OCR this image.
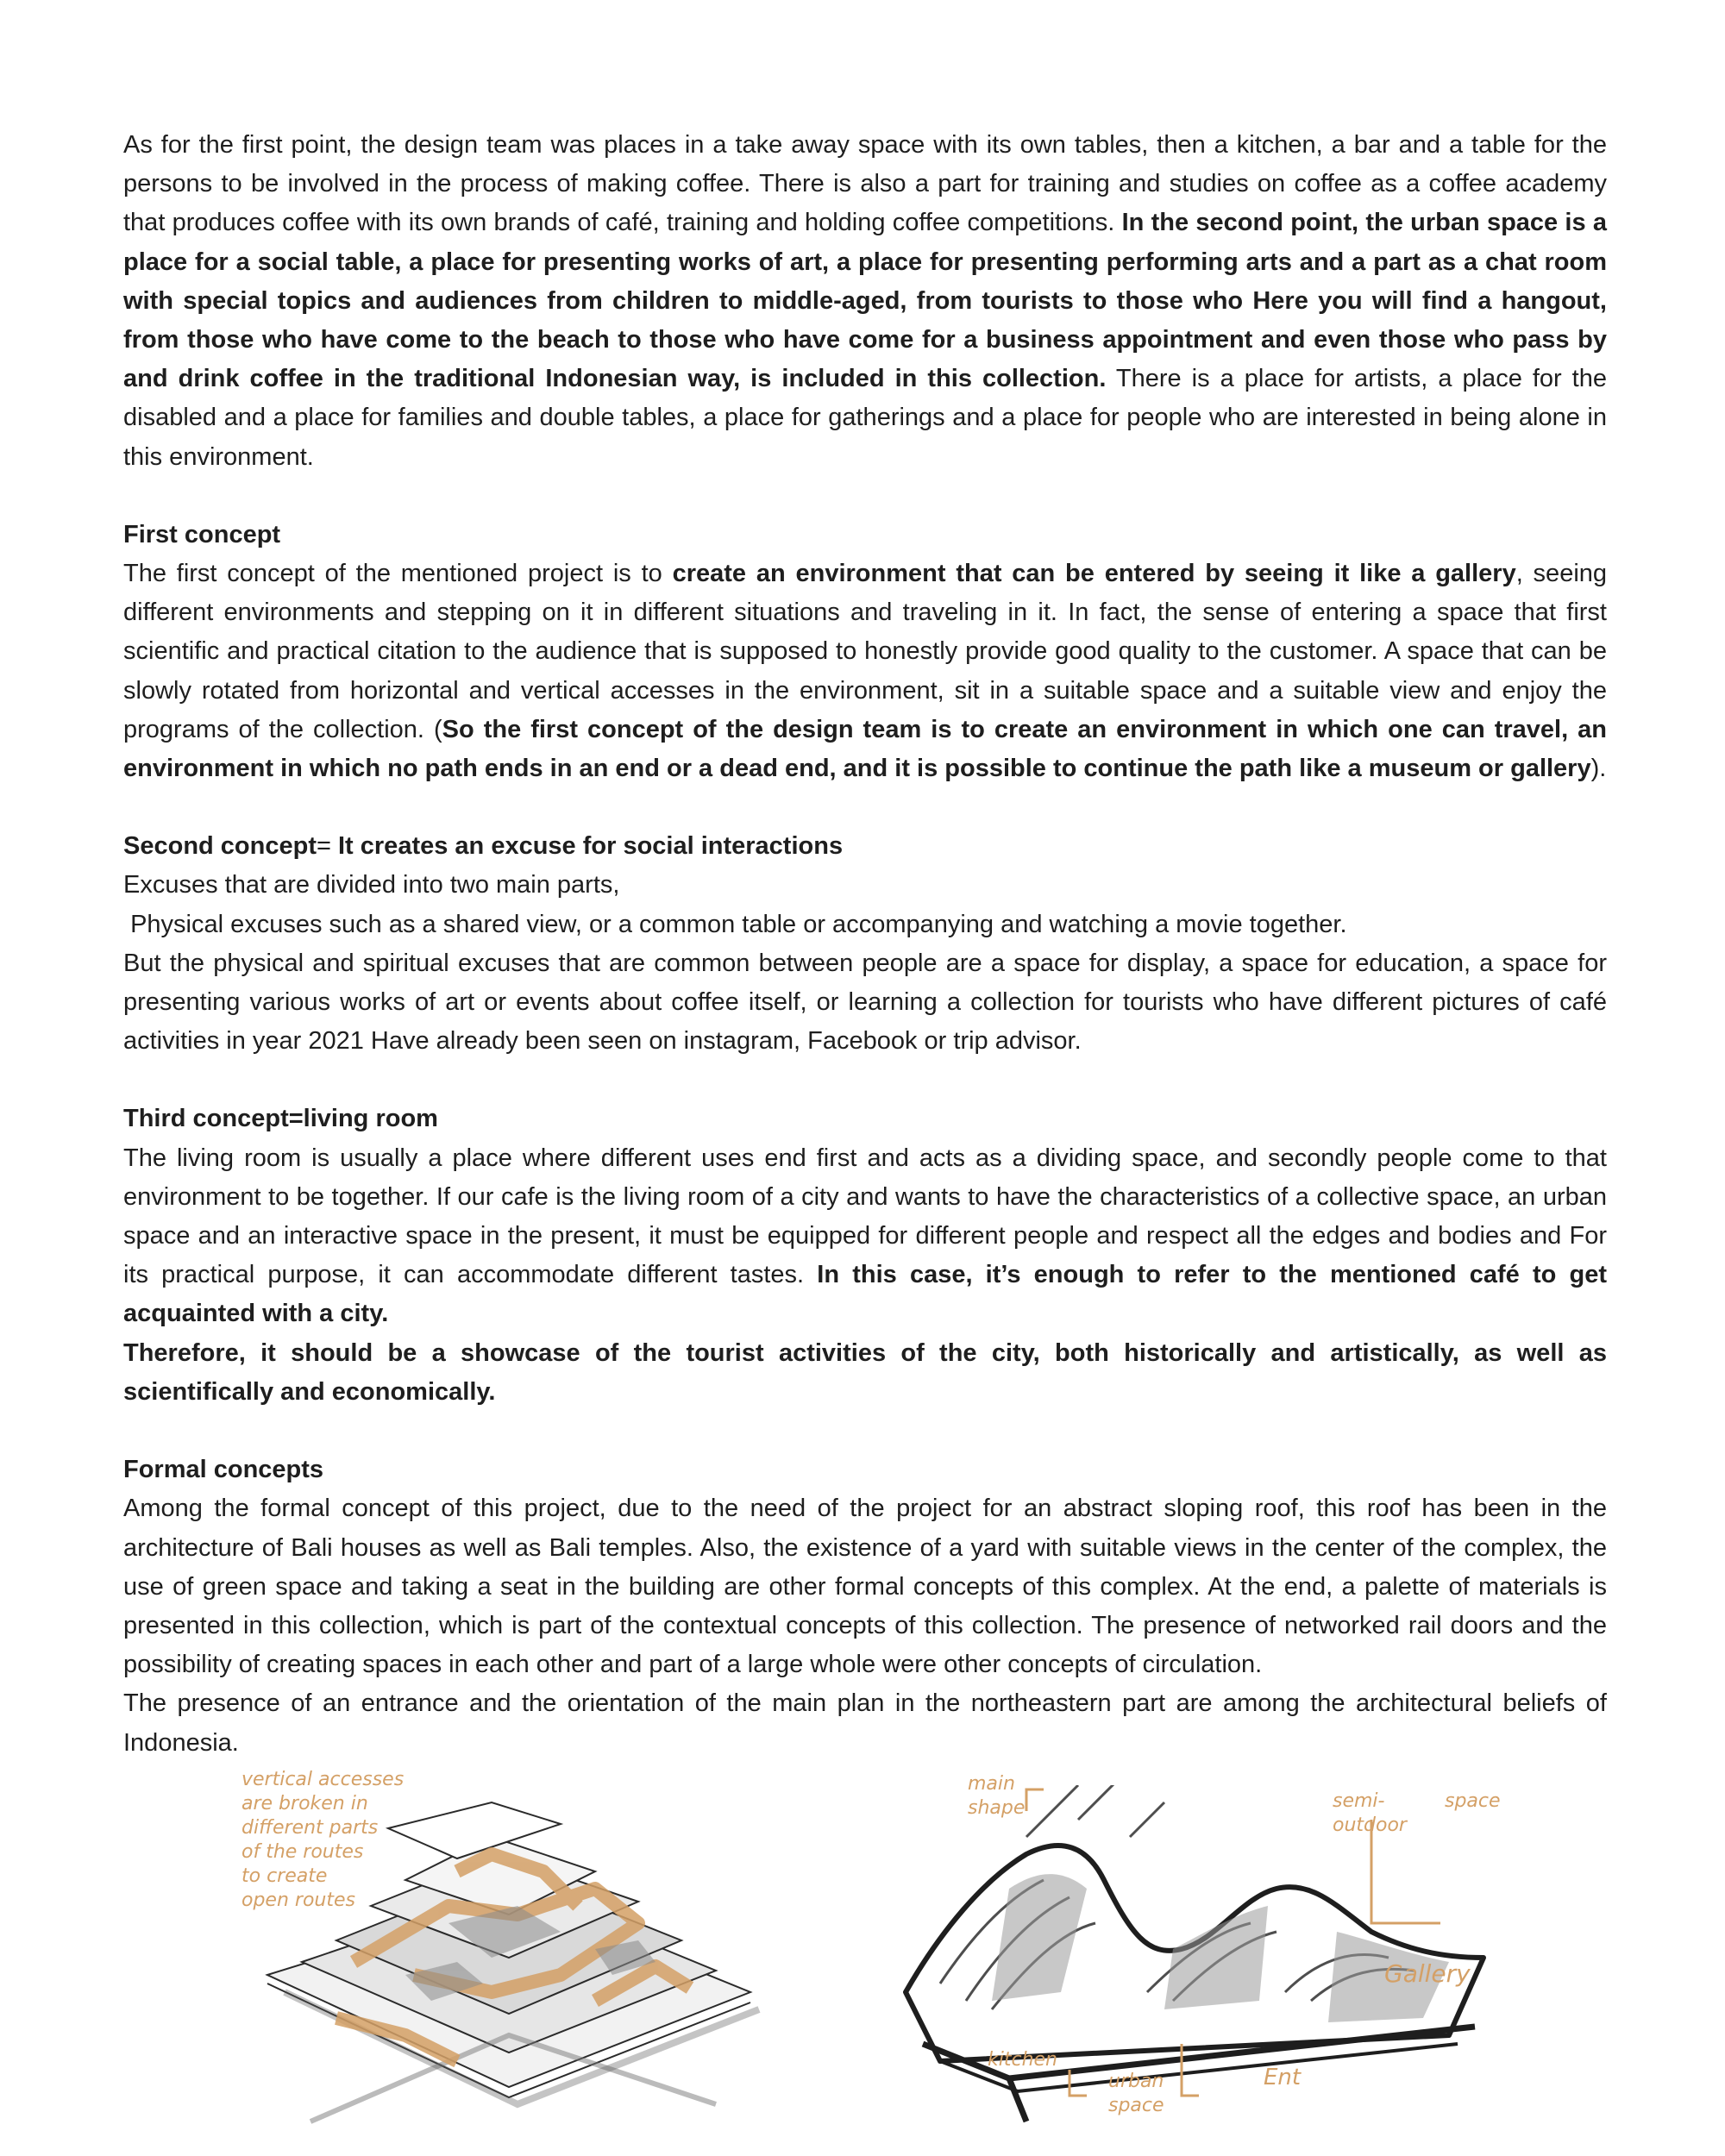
As for the first point, the design team was places in a take away space with its own tables, then a kitchen, a bar and a table for the persons to be involved in the process of making coffee. There is also a part for training and studies on coffee as a coffee academy that produces coffee with its own brands of café, training and holding coffee competitions. In the second point, the urban space is a place for a social table, a place for presenting works of art, a place for presenting performing arts and a part as a chat room with special topics and audiences from children to middle-aged, from tourists to those who Here you will find a hangout, from those who have come to the beach to those who have come for a business appointment and even those who pass by and drink coffee in the traditional Indonesian way, is included in this collection. There is a place for artists, a place for the disabled and a place for families and double tables, a place for gatherings and a place for people who are interested in being alone in this environment.

First concept

The first concept of the mentioned project is to create an environment that can be entered by seeing it like a gallery, seeing different environments and stepping on it in different situations and traveling in it. In fact, the sense of entering a space that first scientific and practical citation to the audience that is supposed to honestly provide good quality to the customer. A space that can be slowly rotated from horizontal and vertical accesses in the environment, sit in a suitable space and a suitable view and enjoy the programs of the collection. (So the first concept of the design team is to create an environment in which one can travel, an environment in which no path ends in an end or a dead end, and it is possible to continue the path like a museum or gallery).

Second concept= It creates an excuse for social interactions

Excuses that are divided into two main parts,

Physical excuses such as a shared view, or a common table or accompanying and watching a movie together.

But the physical and spiritual excuses that are common between people are a space for display, a space for education, a space for presenting various works of art or events about coffee itself, or learning a collection for tourists who have different pictures of café activities in year 2021 Have already been seen on instagram, Facebook or trip advisor.

Third concept=living room

The living room is usually a place where different uses end first and acts as a dividing space, and secondly people come to that environment to be together. If our cafe is the living room of a city and wants to have the characteristics of a collective space, an urban space and an interactive space in the present, it must be equipped for different people and respect all the edges and bodies and For its practical purpose, it can accommodate different tastes. In this case, it’s enough to refer to the mentioned café to get acquainted with a city.

Therefore, it should be a showcase of the tourist activities of the city, both historically and artistically, as well as scientifically and economically.

Formal concepts

Among the formal concept of this project, due to the need of the project for an abstract sloping roof, this roof has been in the architecture of Bali houses as well as Bali temples. Also, the existence of a yard with suitable views in the center of the complex, the use of green space and taking a seat in the building are other formal concepts of this complex. At the end, a palette of materials is presented in this collection, which is part of the contextual concepts of this collection. The presence of networked rail doors and the possibility of creating spaces in each other and part of a large whole were other concepts of circulation.

The presence of an entrance and the orientation of the main plan in the northeastern part are among the architectural beliefs of Indonesia.

vertical accesses
are broken in
different parts
of the routes
to create
open routes
main
shape	semi-
outdoor
space
Gallery
kitchen
urban
space
Ent
